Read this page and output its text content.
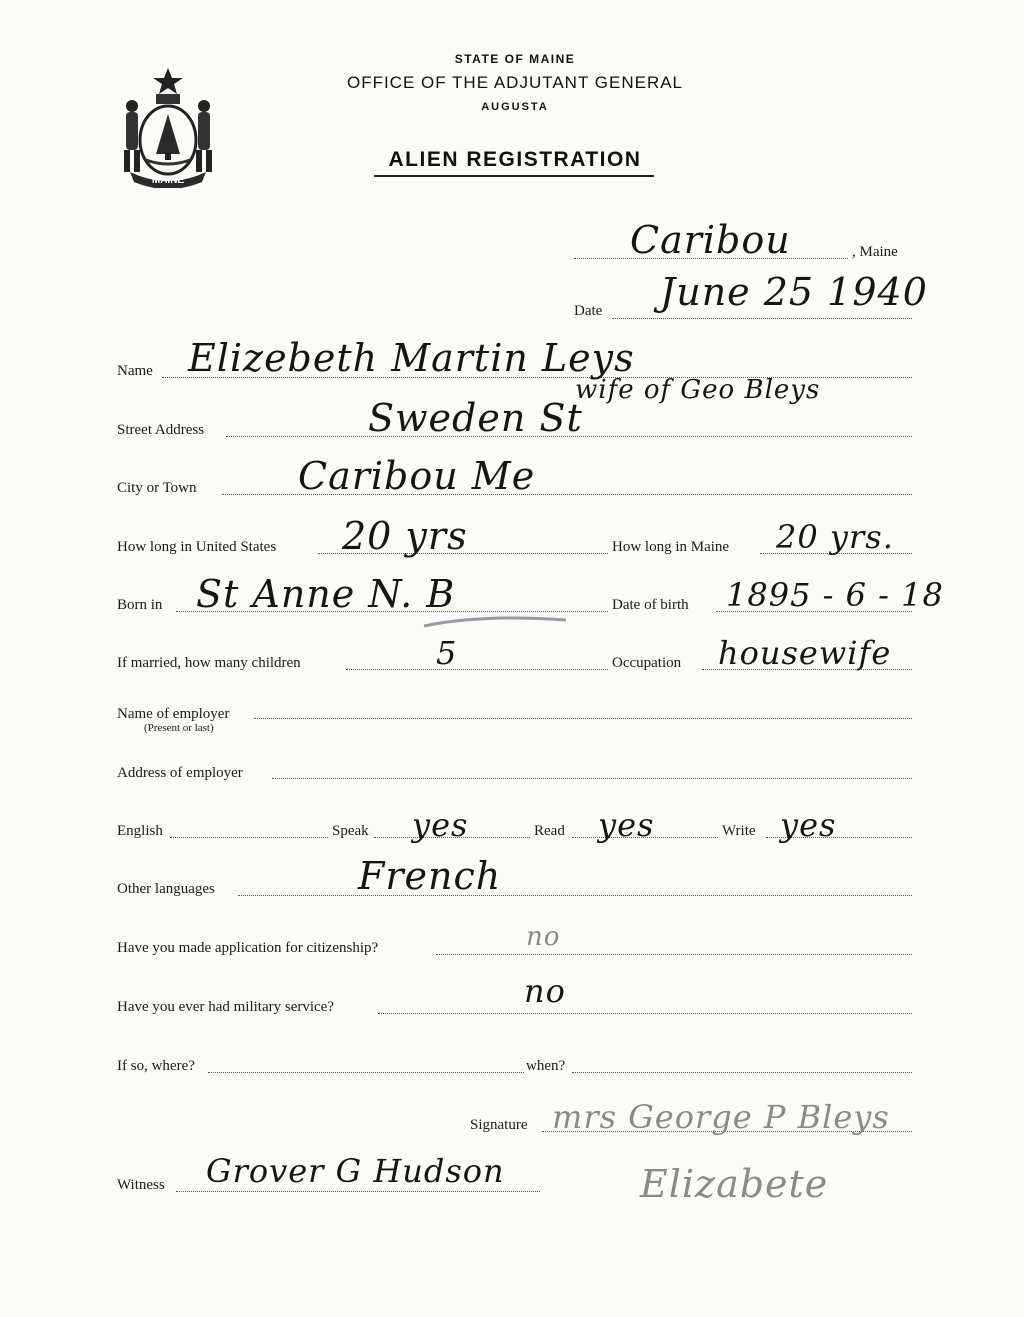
MAINE
STATE OF MAINE
OFFICE OF THE ADJUTANT GENERAL
AUGUSTA
ALIEN REGISTRATION
, Maine
Caribou
Date June 25 1940
Name Elizebeth Martin Leys
wife of Geo Bleys
Street Address	Sweden St
City or Town	Caribou Me
How long in United States 20 yrs	How long in Maine 20 yrs.
Born in St Anne N. B	Date of birth 1895 - 6 - 18
If married, how many children	5	Occupation housewife
Name of employer
(Present or last)
Address of employer
English	Speak yes	Read yes	Write yes
Other languages	French
Have you made application for citizenship?	no
Have you ever had military service?	no
If so, where?	when?
Signature mrs George P Bleys
Elizabete
Witness Grover G Hudson
